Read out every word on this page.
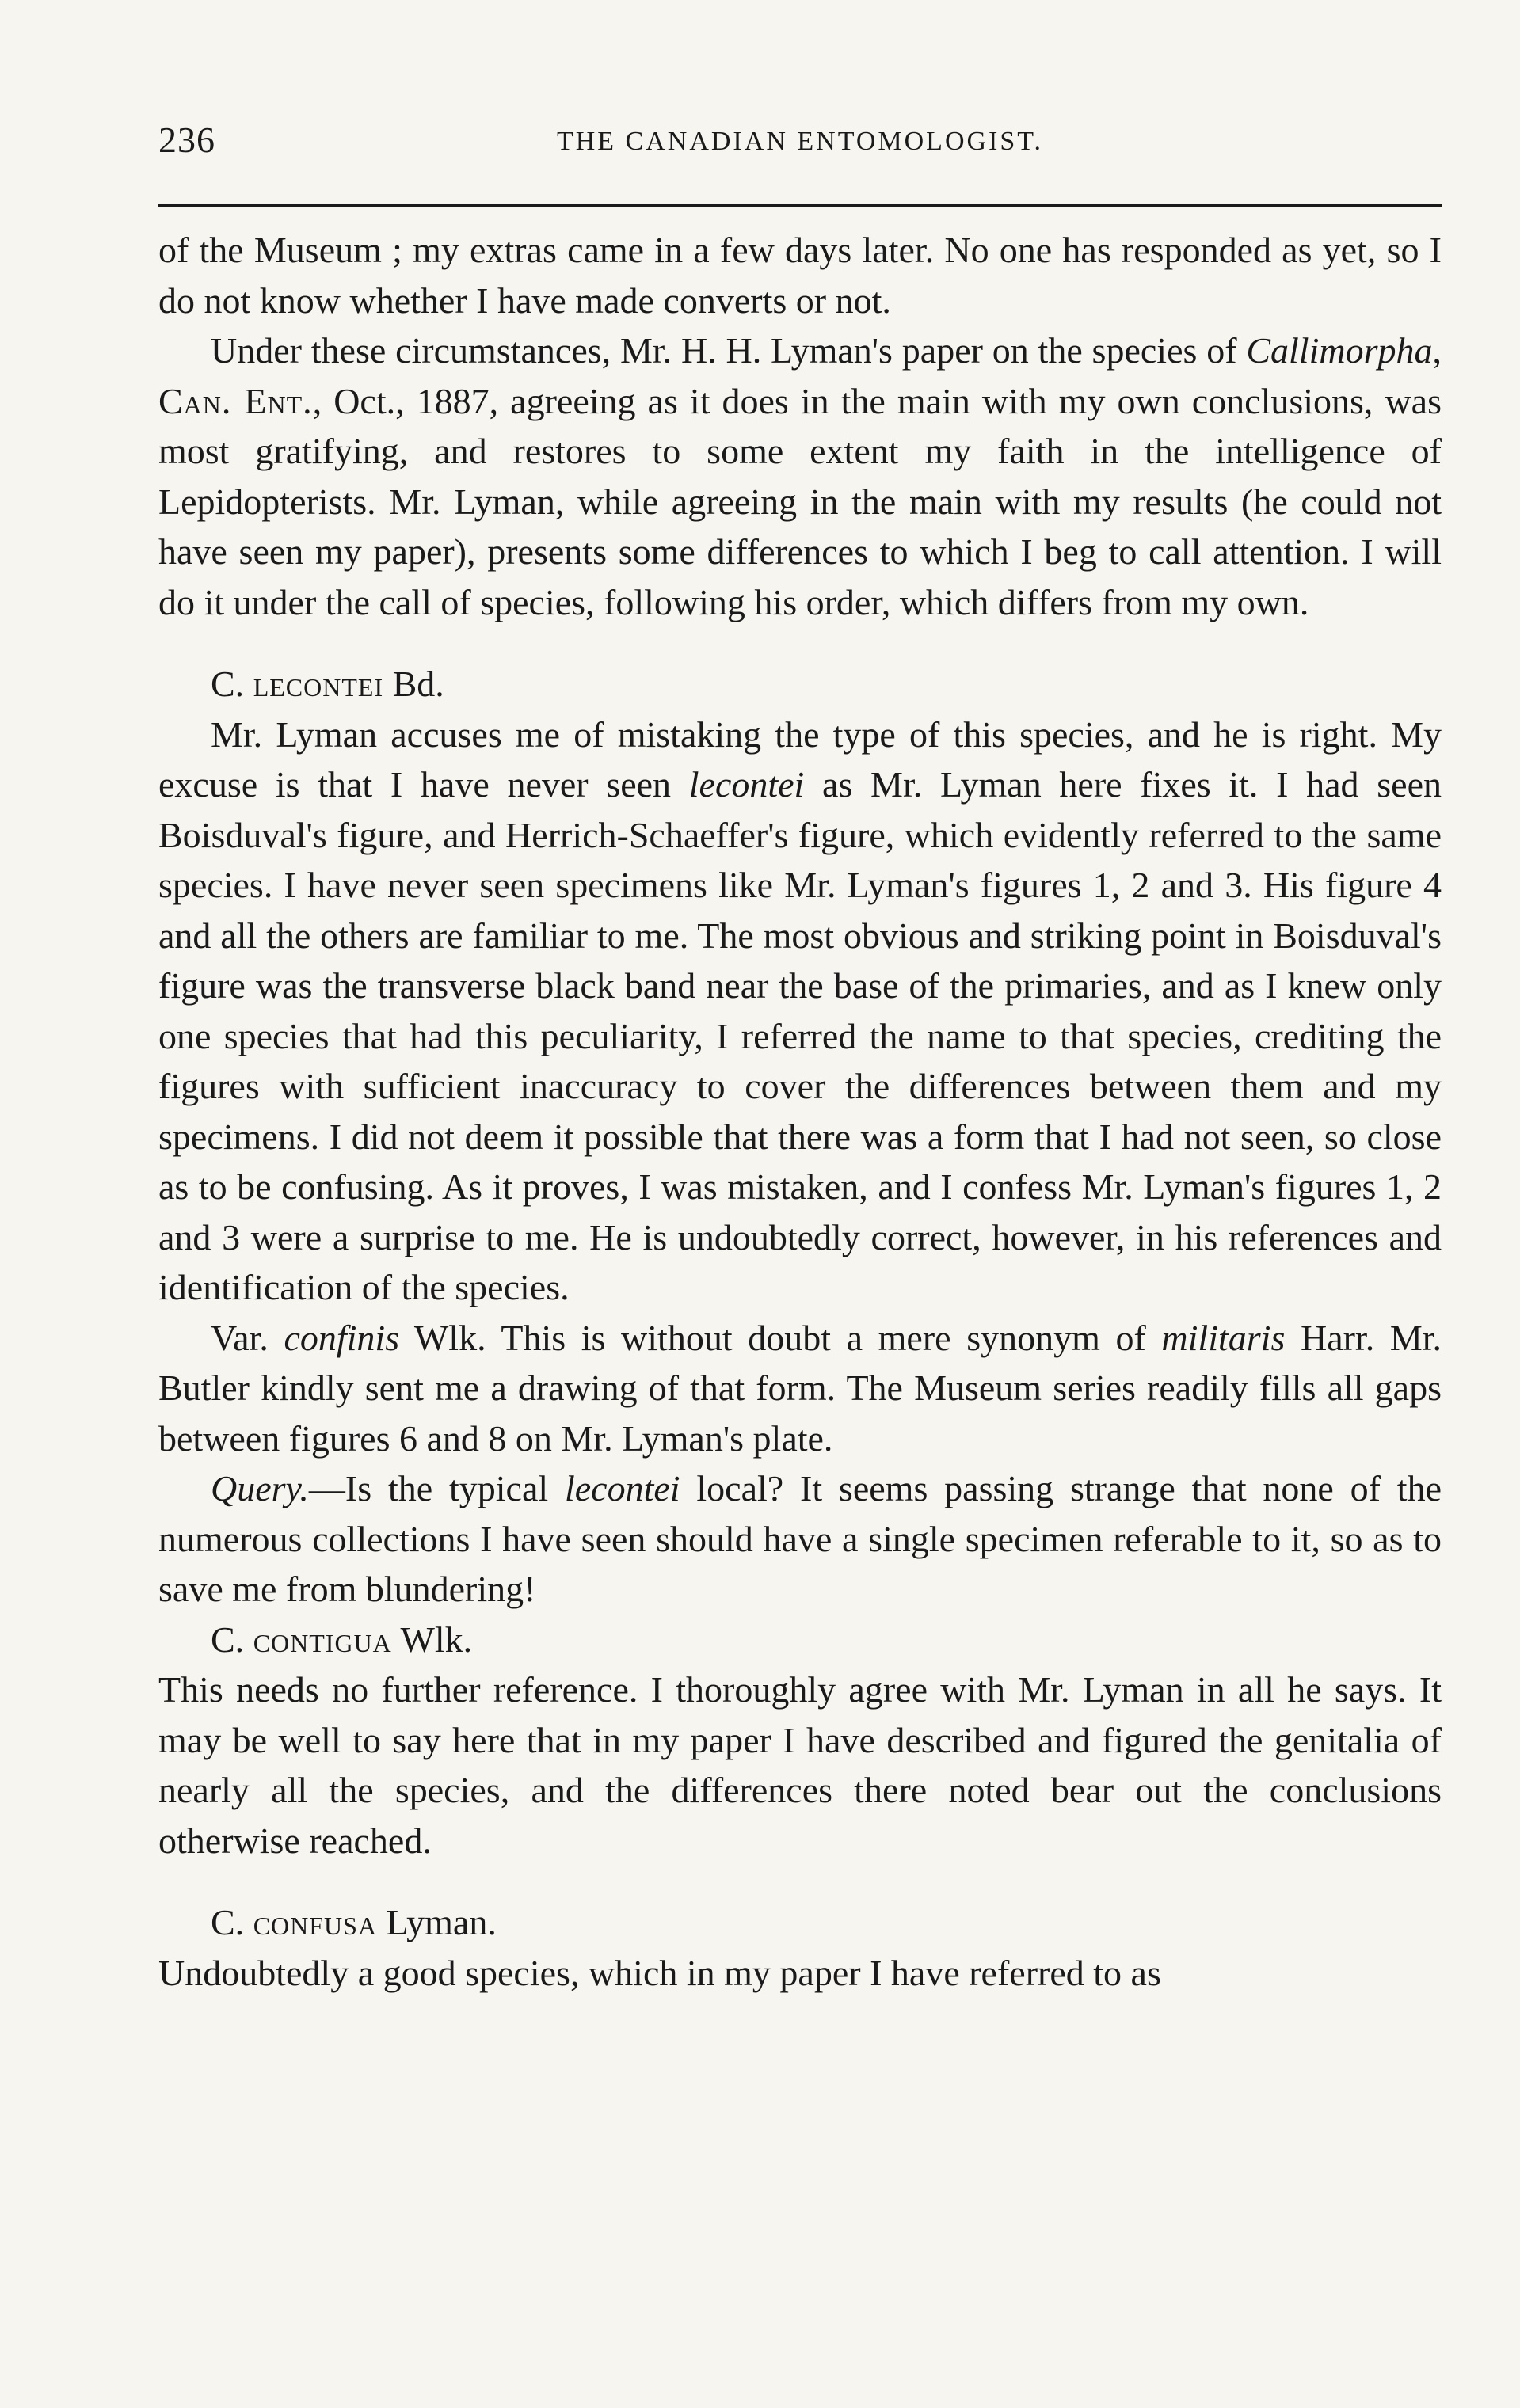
236	THE CANADIAN ENTOMOLOGIST.

of the Museum ; my extras came in a few days later. No one has responded as yet, so I do not know whether I have made converts or not.

Under these circumstances, Mr. H. H. Lyman's paper on the species of Callimorpha, Can. Ent., Oct., 1887, agreeing as it does in the main with my own conclusions, was most gratifying, and restores to some extent my faith in the intelligence of Lepidopterists. Mr. Lyman, while agreeing in the main with my results (he could not have seen my paper), presents some differences to which I beg to call attention. I will do it under the call of species, following his order, which differs from my own.

C. lecontei Bd.

Mr. Lyman accuses me of mistaking the type of this species, and he is right. My excuse is that I have never seen lecontei as Mr. Lyman here fixes it. I had seen Boisduval's figure, and Herrich-Schaeffer's figure, which evidently referred to the same species. I have never seen specimens like Mr. Lyman's figures 1, 2 and 3. His figure 4 and all the others are familiar to me. The most obvious and striking point in Boisduval's figure was the transverse black band near the base of the primaries, and as I knew only one species that had this peculiarity, I referred the name to that species, crediting the figures with sufficient inaccuracy to cover the differences between them and my specimens. I did not deem it possible that there was a form that I had not seen, so close as to be confusing. As it proves, I was mistaken, and I confess Mr. Lyman's figures 1, 2 and 3 were a surprise to me. He is undoubtedly correct, however, in his references and identification of the species.

Var. confinis Wlk. This is without doubt a mere synonym of militaris Harr. Mr. Butler kindly sent me a drawing of that form. The Museum series readily fills all gaps between figures 6 and 8 on Mr. Lyman's plate.

Query.—Is the typical lecontei local? It seems passing strange that none of the numerous collections I have seen should have a single specimen referable to it, so as to save me from blundering!

C. contigua Wlk.

This needs no further reference. I thoroughly agree with Mr. Lyman in all he says. It may be well to say here that in my paper I have described and figured the genitalia of nearly all the species, and the differences there noted bear out the conclusions otherwise reached.

C. confusa Lyman.

Undoubtedly a good species, which in my paper I have referred to as
